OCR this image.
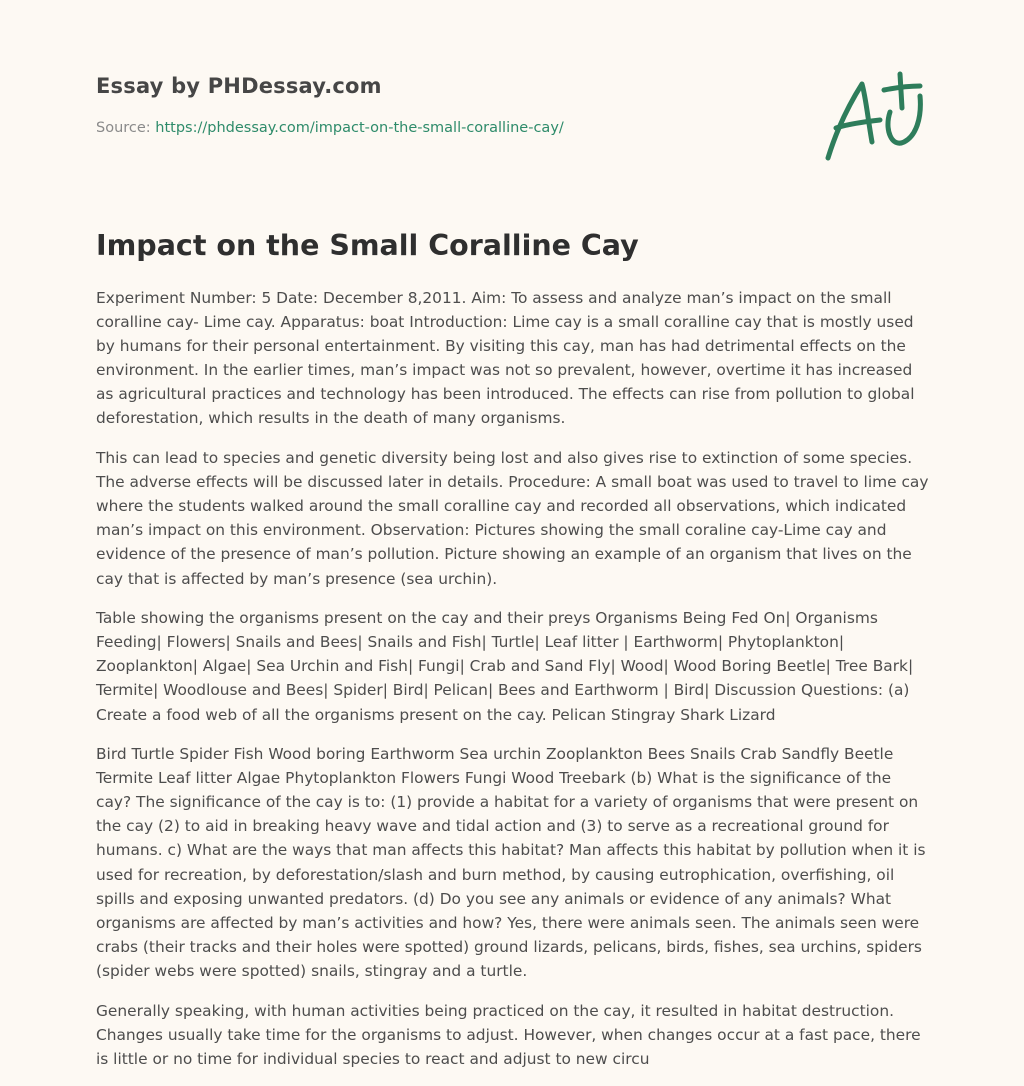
Essay by PHDessay.com
Source: https://phdessay.com/impact-on-the-small-coralline-cay/
Impact on the Small Coralline Cay

Experiment Number: 5 Date: December 8,2011. Aim: To assess and analyze man’s impact on the small coralline cay- Lime cay. Apparatus: boat Introduction: Lime cay is a small coralline cay that is mostly used by humans for their personal entertainment. By visiting this cay, man has had detrimental effects on the environment. In the earlier times, man’s impact was not so prevalent, however, overtime it has increased as agricultural practices and technology has been introduced. The effects can rise from pollution to global deforestation, which results in the death of many organisms.

This can lead to species and genetic diversity being lost and also gives rise to extinction of some species. The adverse effects will be discussed later in details. Procedure: A small boat was used to travel to lime cay where the students walked around the small coralline cay and recorded all observations, which indicated man’s impact on this environment. Observation: Pictures showing the small coraline cay-Lime cay and evidence of the presence of man’s pollution. Picture showing an example of an organism that lives on the cay that is affected by man’s presence (sea urchin).

Table showing the organisms present on the cay and their preys Organisms Being Fed On| Organisms Feeding| Flowers| Snails and Bees| Snails and Fish| Turtle| Leaf litter | Earthworm| Phytoplankton| Zooplankton| Algae| Sea Urchin and Fish| Fungi| Crab and Sand Fly| Wood| Wood Boring Beetle| Tree Bark| Termite| Woodlouse and Bees| Spider| Bird| Pelican| Bees and Earthworm | Bird| Discussion Questions: (a) Create a food web of all the organisms present on the cay. Pelican Stingray Shark Lizard

Bird Turtle Spider Fish Wood boring Earthworm Sea urchin Zooplankton Bees Snails Crab Sandfly Beetle Termite Leaf litter Algae Phytoplankton Flowers Fungi Wood Treebark (b) What is the significance of the cay? The significance of the cay is to: (1) provide a habitat for a variety of organisms that were present on the cay (2) to aid in breaking heavy wave and tidal action and (3) to serve as a recreational ground for humans. c) What are the ways that man affects this habitat? Man affects this habitat by pollution when it is used for recreation, by deforestation/slash and burn method, by causing eutrophication, overfishing, oil spills and exposing unwanted predators. (d) Do you see any animals or evidence of any animals? What organisms are affected by man’s activities and how? Yes, there were animals seen. The animals seen were crabs (their tracks and their holes were spotted) ground lizards, pelicans, birds, fishes, sea urchins, spiders (spider webs were spotted) snails, stingray and a turtle.

Generally speaking, with human activities being practiced on the cay, it resulted in habitat destruction. Changes usually take time for the organisms to adjust. However, when changes occur at a fast pace, there is little or no time for individual species to react and adjust to new circu
